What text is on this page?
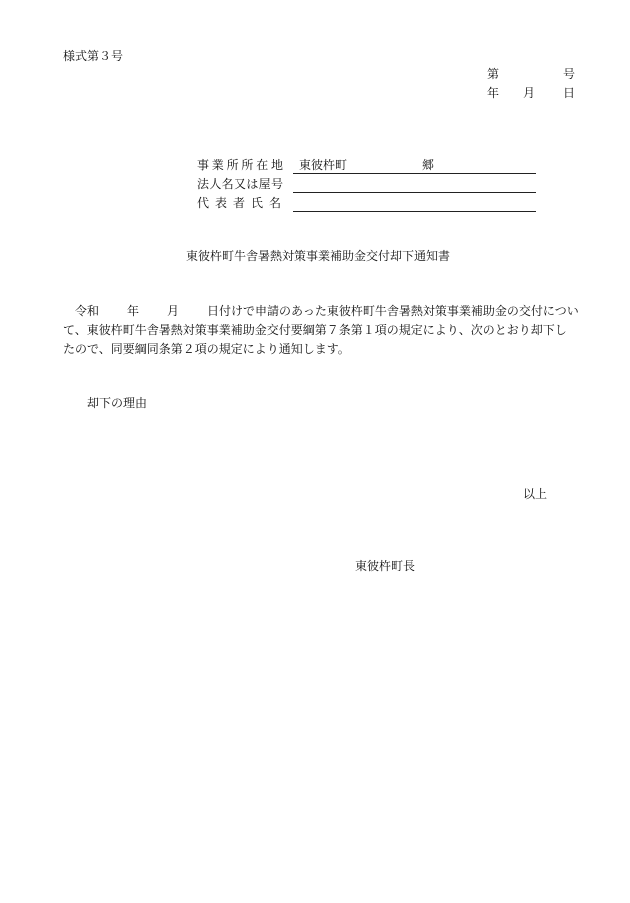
様式第３号
第	号
年 月 日
事業所所在地 東彼杵町	郷
法人名又は屋号
代表者氏名
東彼杵町牛舎暑熱対策事業補助金交付却下通知書
令和 年 月 日付けで申請のあった東彼杵町牛舎暑熱対策事業補助金の交付につい
て、東彼杵町牛舎暑熱対策事業補助金交付要綱第７条第１項の規定により、次のとおり却下し
たので、同要綱同条第２項の規定により通知します。
却下の理由
以上
東彼杵町長
